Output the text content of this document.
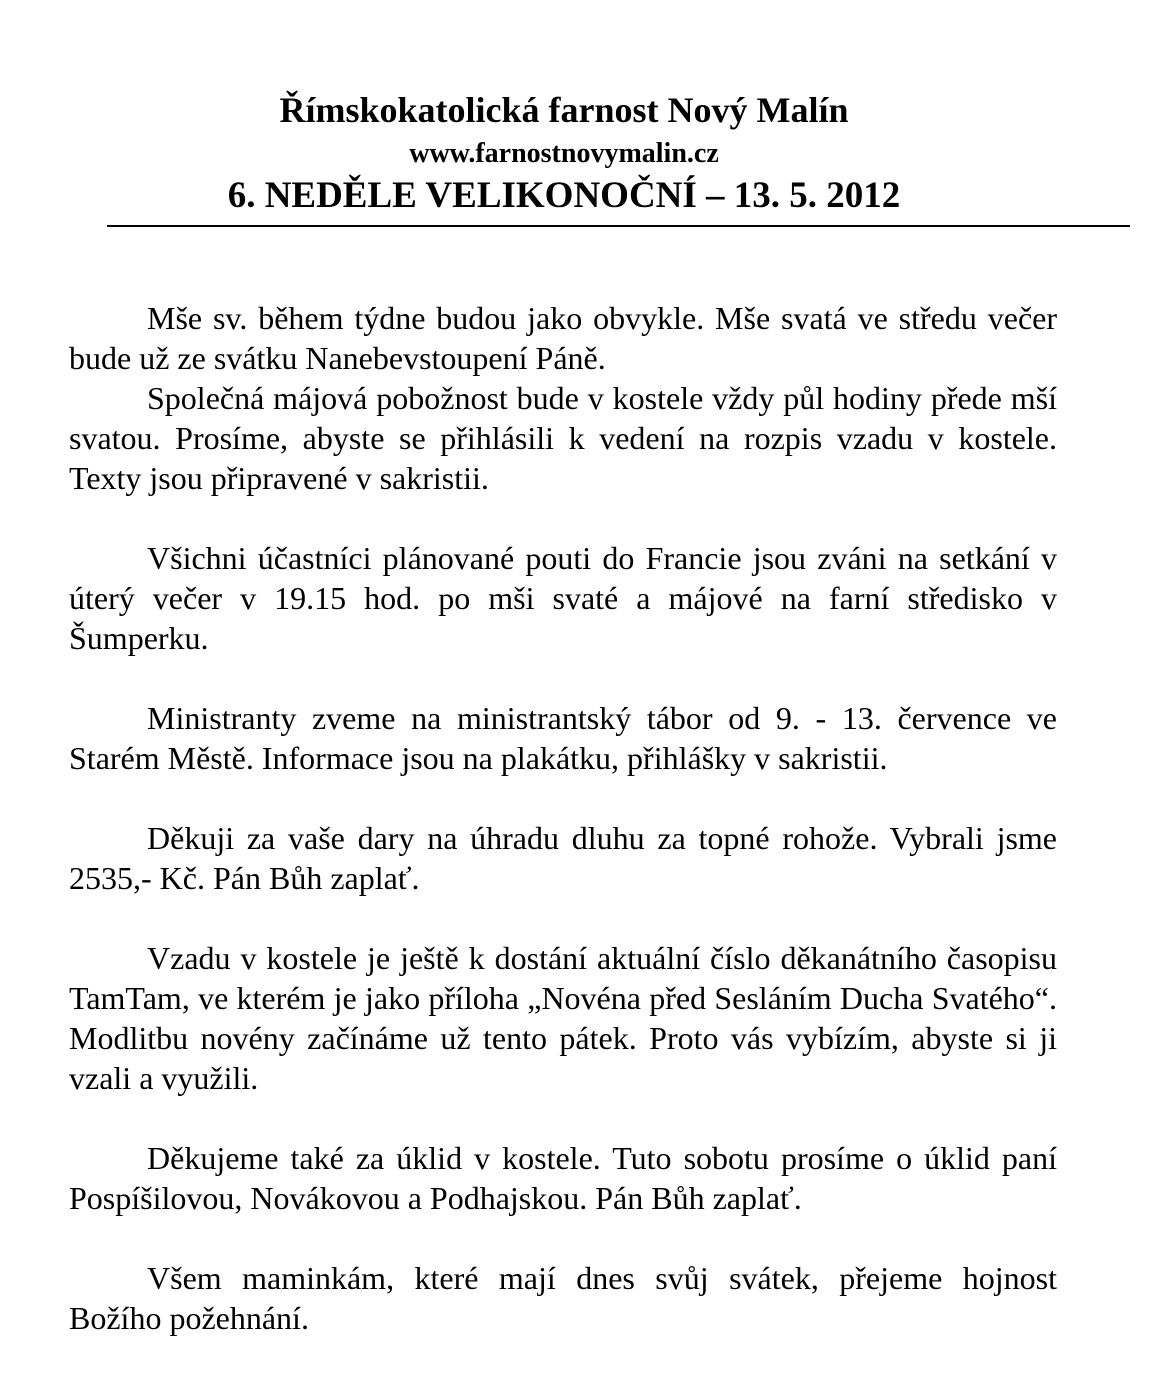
Římskokatolická farnost Nový Malín
www.farnostnovymalin.cz
6. NEDĚLE VELIKONOČNÍ – 13. 5. 2012

Mše sv. během týdne budou jako obvykle. Mše svatá ve středu večer bude už ze svátku Nanebevstoupení Páně.

Společná májová pobožnost bude v kostele vždy půl hodiny přede mší svatou. Prosíme, abyste se přihlásili k vedení na rozpis vzadu v kostele. Texty jsou připravené v sakristii.

Všichni účastníci plánované pouti do Francie jsou zváni na setkání v úterý večer v 19.15 hod. po mši svaté a májové na farní středisko v Šumperku.

Ministranty zveme na ministrantský tábor od 9. - 13. července ve Starém Městě. Informace jsou na plakátku, přihlášky v sakristii.

Děkuji za vaše dary na úhradu dluhu za topné rohože. Vybrali jsme 2535,- Kč. Pán Bůh zaplať.

Vzadu v kostele je ještě k dostání aktuální číslo děkanátního časopisu TamTam, ve kterém je jako příloha „Novéna před Sesláním Ducha Svatého“. Modlitbu novény začínáme už tento pátek. Proto vás vybízím, abyste si ji vzali a využili.

Děkujeme také za úklid v kostele. Tuto sobotu prosíme o úklid paní Pospíšilovou, Novákovou a Podhajskou. Pán Bůh zaplať.

Všem maminkám, které mají dnes svůj svátek, přejeme hojnost Božího požehnání.
